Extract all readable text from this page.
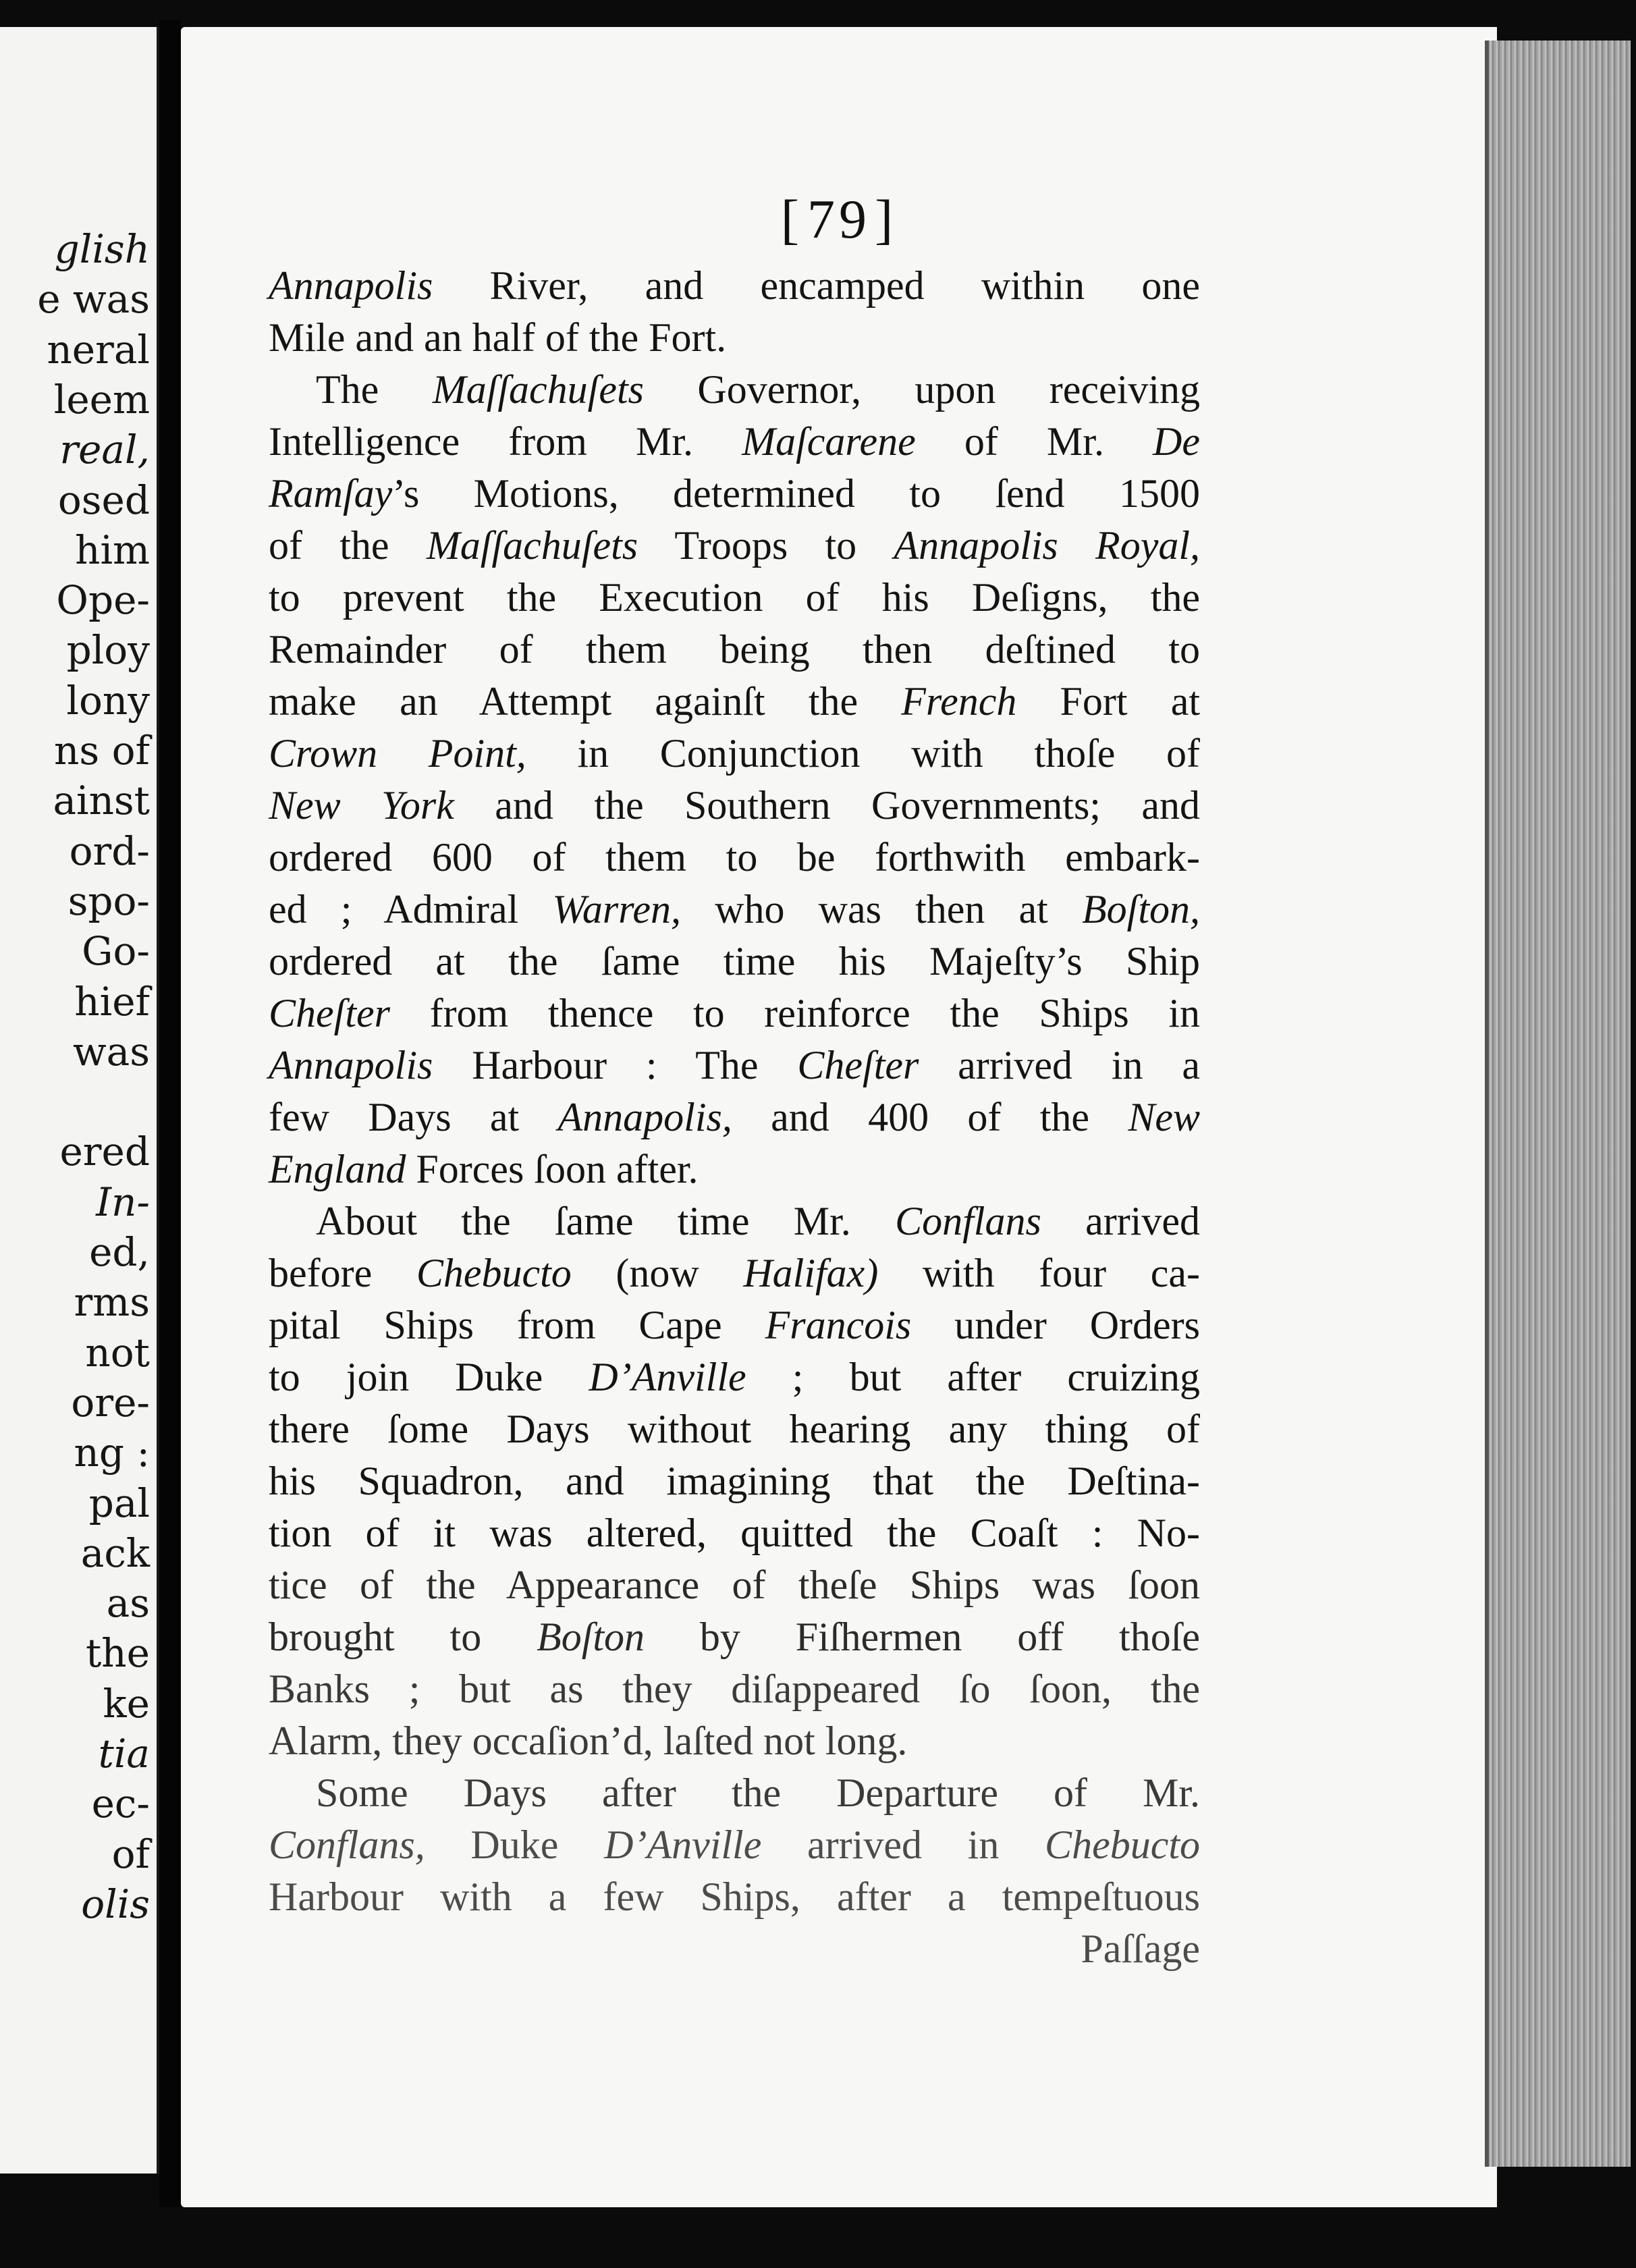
glish
e was
neral
leem
real,
osed
him
Ope-
ploy
lony
ns of
ainst
ord-
spo-
Go-
hief
was
ered
In-
ed,
rms
not
ore-
ng :
pal
ack
as
the
ke
tia
ec-
of
olis
[79]
Annapolis River, and encamped within one
Mile and an half of the Fort.
The Maſſachuſets Governor, upon receiving
Intelligence from Mr. Maſcarene of Mr. De
Ramſay’s Motions, determined to ſend 1500
of the Maſſachuſets Troops to Annapolis Royal,
to prevent the Execution of his Deſigns, the
Remainder of them being then deſtined to
make an Attempt againſt the French Fort at
Crown Point, in Conjunction with thoſe of
New York and the Southern Governments; and
ordered 600 of them to be forthwith embark-
ed ; Admiral Warren, who was then at Boſton,
ordered at the ſame time his Majeſty’s Ship
Cheſter from thence to reinforce the Ships in
Annapolis Harbour : The Cheſter arrived in a
few Days at Annapolis, and 400 of the New
England Forces ſoon after.
About the ſame time Mr. Conflans arrived
before Chebucto (now Halifax) with four ca-
pital Ships from Cape Francois under Orders
to join Duke D’Anville ; but after cruizing
there ſome Days without hearing any thing of
his Squadron, and imagining that the Deſtina-
tion of it was altered, quitted the Coaſt : No-
tice of the Appearance of theſe Ships was ſoon
brought to Boſton by Fiſhermen off thoſe
Banks ; but as they diſappeared ſo ſoon, the
Alarm, they occaſion’d, laſted not long.
Some Days after the Departure of Mr.
Conflans, Duke D’Anville arrived in Chebucto
Harbour with a few Ships, after a tempeſtuous
Paſſage
